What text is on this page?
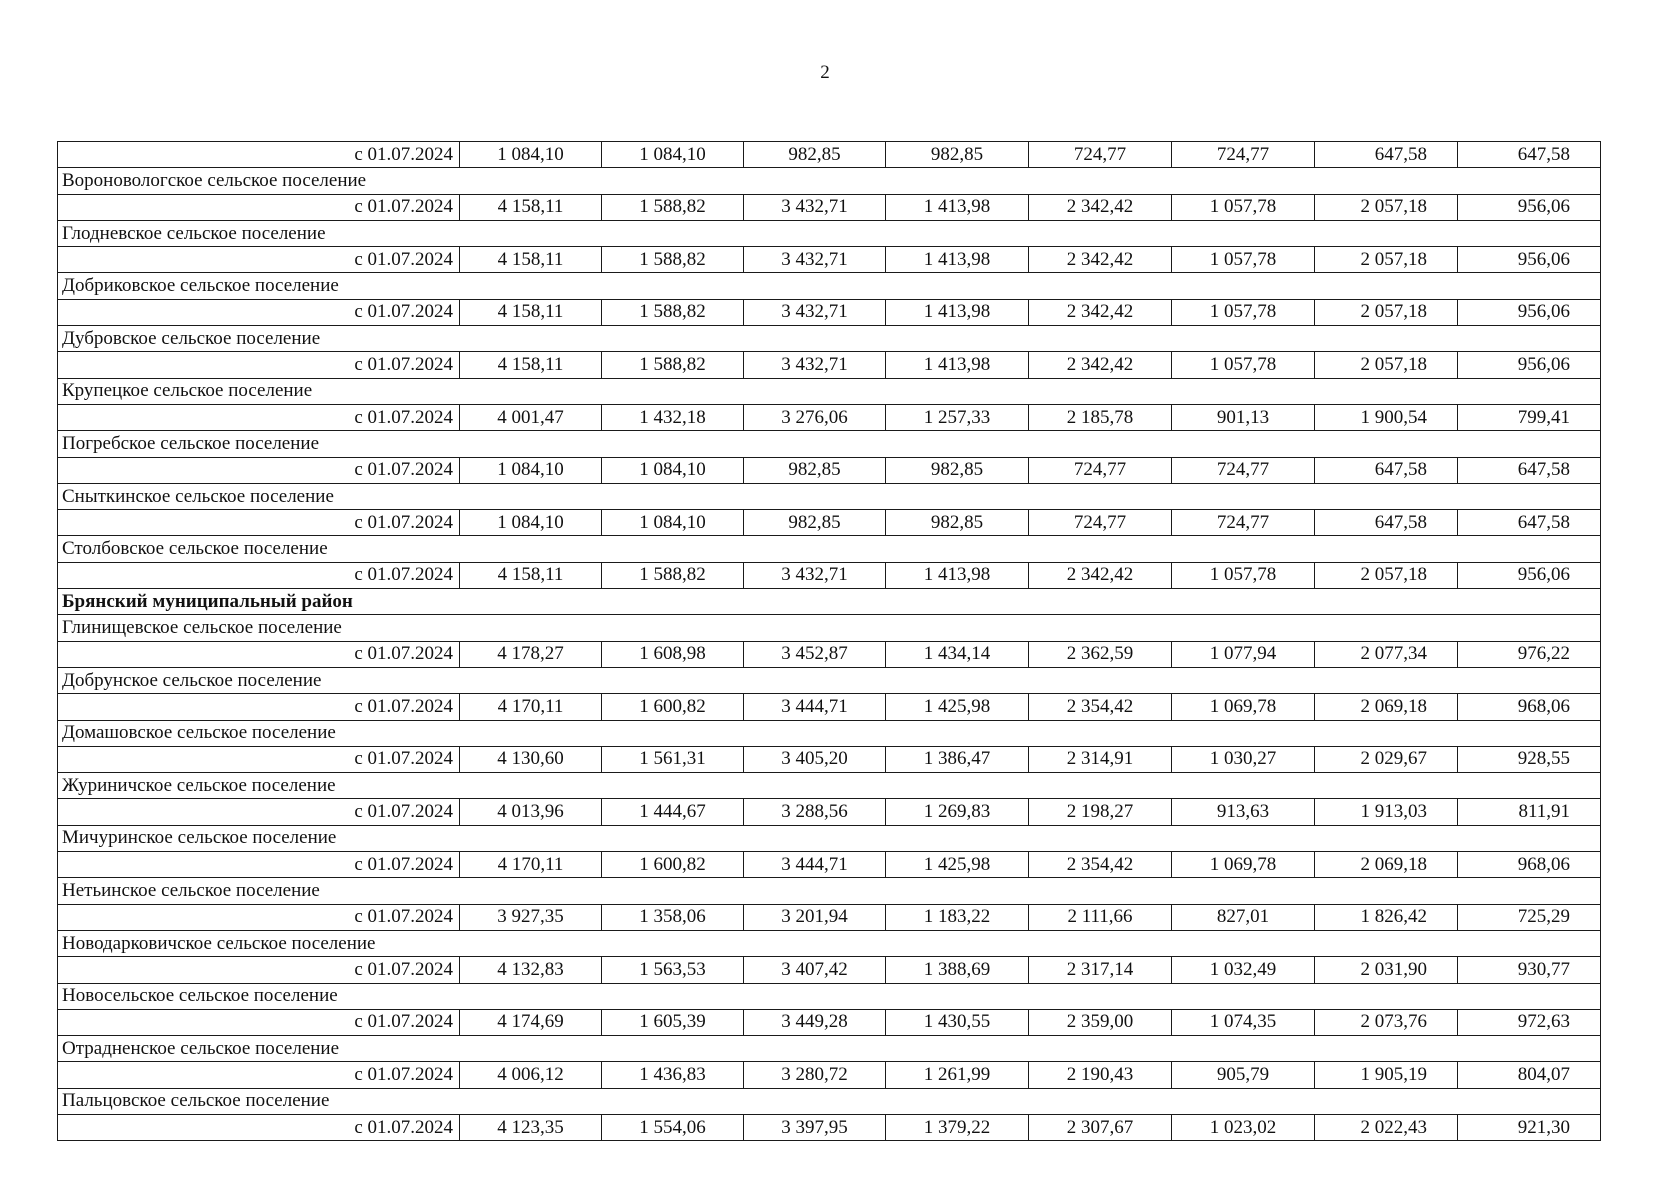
2
с 01.07.2024	1 084,10	1 084,10	982,85	982,85	724,77	724,77	647,58	647,58
Вороновологское сельское поселение								
с 01.07.2024	4 158,11	1 588,82	3 432,71	1 413,98	2 342,42	1 057,78	2 057,18	956,06
Глодневское сельское поселение								
с 01.07.2024	4 158,11	1 588,82	3 432,71	1 413,98	2 342,42	1 057,78	2 057,18	956,06
Добриковское сельское поселение								
с 01.07.2024	4 158,11	1 588,82	3 432,71	1 413,98	2 342,42	1 057,78	2 057,18	956,06
Дубровское сельское поселение								
с 01.07.2024	4 158,11	1 588,82	3 432,71	1 413,98	2 342,42	1 057,78	2 057,18	956,06
Крупецкое сельское поселение								
с 01.07.2024	4 001,47	1 432,18	3 276,06	1 257,33	2 185,78	901,13	1 900,54	799,41
Погребское сельское поселение								
с 01.07.2024	1 084,10	1 084,10	982,85	982,85	724,77	724,77	647,58	647,58
Сныткинское сельское поселение								
с 01.07.2024	1 084,10	1 084,10	982,85	982,85	724,77	724,77	647,58	647,58
Столбовское сельское поселение								
с 01.07.2024	4 158,11	1 588,82	3 432,71	1 413,98	2 342,42	1 057,78	2 057,18	956,06
Брянский муниципальный район								
Глинищевское сельское поселение								
с 01.07.2024	4 178,27	1 608,98	3 452,87	1 434,14	2 362,59	1 077,94	2 077,34	976,22
Добрунское сельское поселение								
с 01.07.2024	4 170,11	1 600,82	3 444,71	1 425,98	2 354,42	1 069,78	2 069,18	968,06
Домашовское сельское поселение								
с 01.07.2024	4 130,60	1 561,31	3 405,20	1 386,47	2 314,91	1 030,27	2 029,67	928,55
Журиничское сельское поселение								
с 01.07.2024	4 013,96	1 444,67	3 288,56	1 269,83	2 198,27	913,63	1 913,03	811,91
Мичуринское сельское поселение								
с 01.07.2024	4 170,11	1 600,82	3 444,71	1 425,98	2 354,42	1 069,78	2 069,18	968,06
Нетьинское сельское поселение								
с 01.07.2024	3 927,35	1 358,06	3 201,94	1 183,22	2 111,66	827,01	1 826,42	725,29
Новодарковичское сельское поселение								
с 01.07.2024	4 132,83	1 563,53	3 407,42	1 388,69	2 317,14	1 032,49	2 031,90	930,77
Новосельское сельское поселение								
с 01.07.2024	4 174,69	1 605,39	3 449,28	1 430,55	2 359,00	1 074,35	2 073,76	972,63
Отрадненское сельское поселение								
с 01.07.2024	4 006,12	1 436,83	3 280,72	1 261,99	2 190,43	905,79	1 905,19	804,07
Пальцовское сельское поселение								
с 01.07.2024	4 123,35	1 554,06	3 397,95	1 379,22	2 307,67	1 023,02	2 022,43	921,30
